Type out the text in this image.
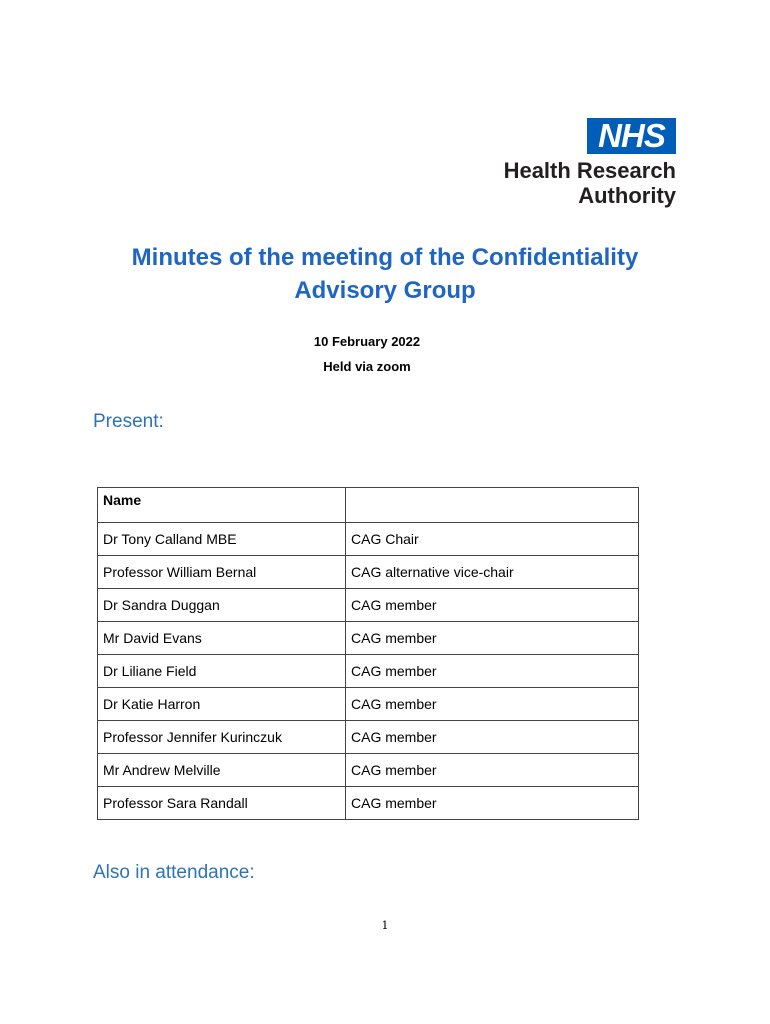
NHS
Health Research
Authority
Minutes of the meeting of the Confidentiality
Advisory Group
10 February 2022
Held via zoom
Present:
Name	
Dr Tony Calland MBE	CAG Chair
Professor William Bernal	CAG alternative vice-chair
Dr Sandra Duggan	CAG member
Mr David Evans	CAG member
Dr Liliane Field	CAG member
Dr Katie Harron	CAG member
Professor Jennifer Kurinczuk	CAG member
Mr Andrew Melville	CAG member
Professor Sara Randall	CAG member
Also in attendance:
1
